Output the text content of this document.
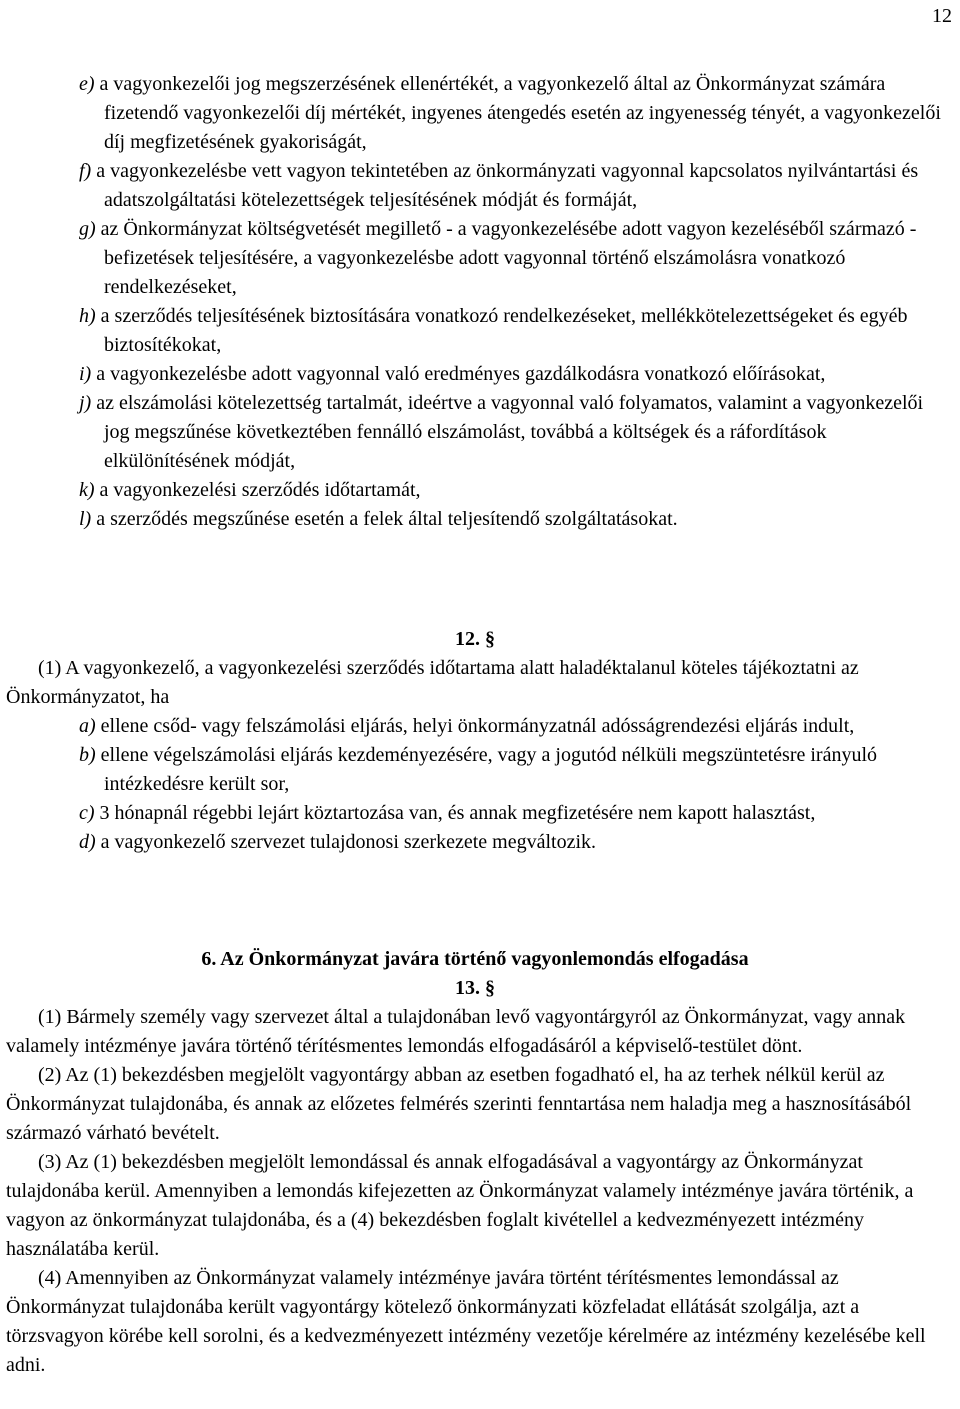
12

e) a vagyonkezelői jog megszerzésének ellenértékét, a vagyonkezelő által az Önkormányzat számára fizetendő vagyonkezelői díj mértékét, ingyenes átengedés esetén az ingyenesség tényét, a vagyonkezelői díj megfizetésének gyakoriságát,

f) a vagyonkezelésbe vett vagyon tekintetében az önkormányzati vagyonnal kapcsolatos nyilvántartási és adatszolgáltatási kötelezettségek teljesítésének módját és formáját,

g) az Önkormányzat költségvetését megillető - a vagyonkezelésébe adott vagyon kezeléséből származó - befizetések teljesítésére, a vagyonkezelésbe adott vagyonnal történő elszámolásra vonatkozó rendelkezéseket,

h) a szerződés teljesítésének biztosítására vonatkozó rendelkezéseket, mellékkötelezettségeket és egyéb biztosítékokat,

i) a vagyonkezelésbe adott vagyonnal való eredményes gazdálkodásra vonatkozó előírásokat,

j) az elszámolási kötelezettség tartalmát, ideértve a vagyonnal való folyamatos, valamint a vagyonkezelői jog megszűnése következtében fennálló elszámolást, továbbá a költségek és a ráfordítások elkülönítésének módját,

k) a vagyonkezelési szerződés időtartamát,

l) a szerződés megszűnése esetén a felek által teljesítendő szolgáltatásokat.

12. §

(1) A vagyonkezelő, a vagyonkezelési szerződés időtartama alatt haladéktalanul köteles tájékoztatni az Önkormányzatot, ha

a) ellene csőd- vagy felszámolási eljárás, helyi önkormányzatnál adósságrendezési eljárás indult,

b) ellene végelszámolási eljárás kezdeményezésére, vagy a jogutód nélküli megszüntetésre irányuló intézkedésre került sor,

c) 3 hónapnál régebbi lejárt köztartozása van, és annak megfizetésére nem kapott halasztást,

d) a vagyonkezelő szervezet tulajdonosi szerkezete megváltozik.

6. Az Önkormányzat javára történő vagyonlemondás elfogadása

13. §

(1) Bármely személy vagy szervezet által a tulajdonában levő vagyontárgyról az Önkormányzat, vagy annak valamely intézménye javára történő térítésmentes lemondás elfogadásáról a képviselő-testület dönt.

(2) Az (1) bekezdésben megjelölt vagyontárgy abban az esetben fogadható el, ha az terhek nélkül kerül az Önkormányzat tulajdonába, és annak az előzetes felmérés szerinti fenntartása nem haladja meg a hasznosításából származó várható bevételt.

(3) Az (1) bekezdésben megjelölt lemondással és annak elfogadásával a vagyontárgy az Önkormányzat tulajdonába kerül. Amennyiben a lemondás kifejezetten az Önkormányzat valamely intézménye javára történik, a vagyon az önkormányzat tulajdonába, és a (4) bekezdésben foglalt kivétellel a kedvezményezett intézmény használatába kerül.

(4) Amennyiben az Önkormányzat valamely intézménye javára történt térítésmentes lemondással az Önkormányzat tulajdonába került vagyontárgy kötelező önkormányzati közfeladat ellátását szolgálja, azt a törzsvagyon körébe kell sorolni, és a kedvezményezett intézmény vezetője kérelmére az intézmény kezelésébe kell adni.
